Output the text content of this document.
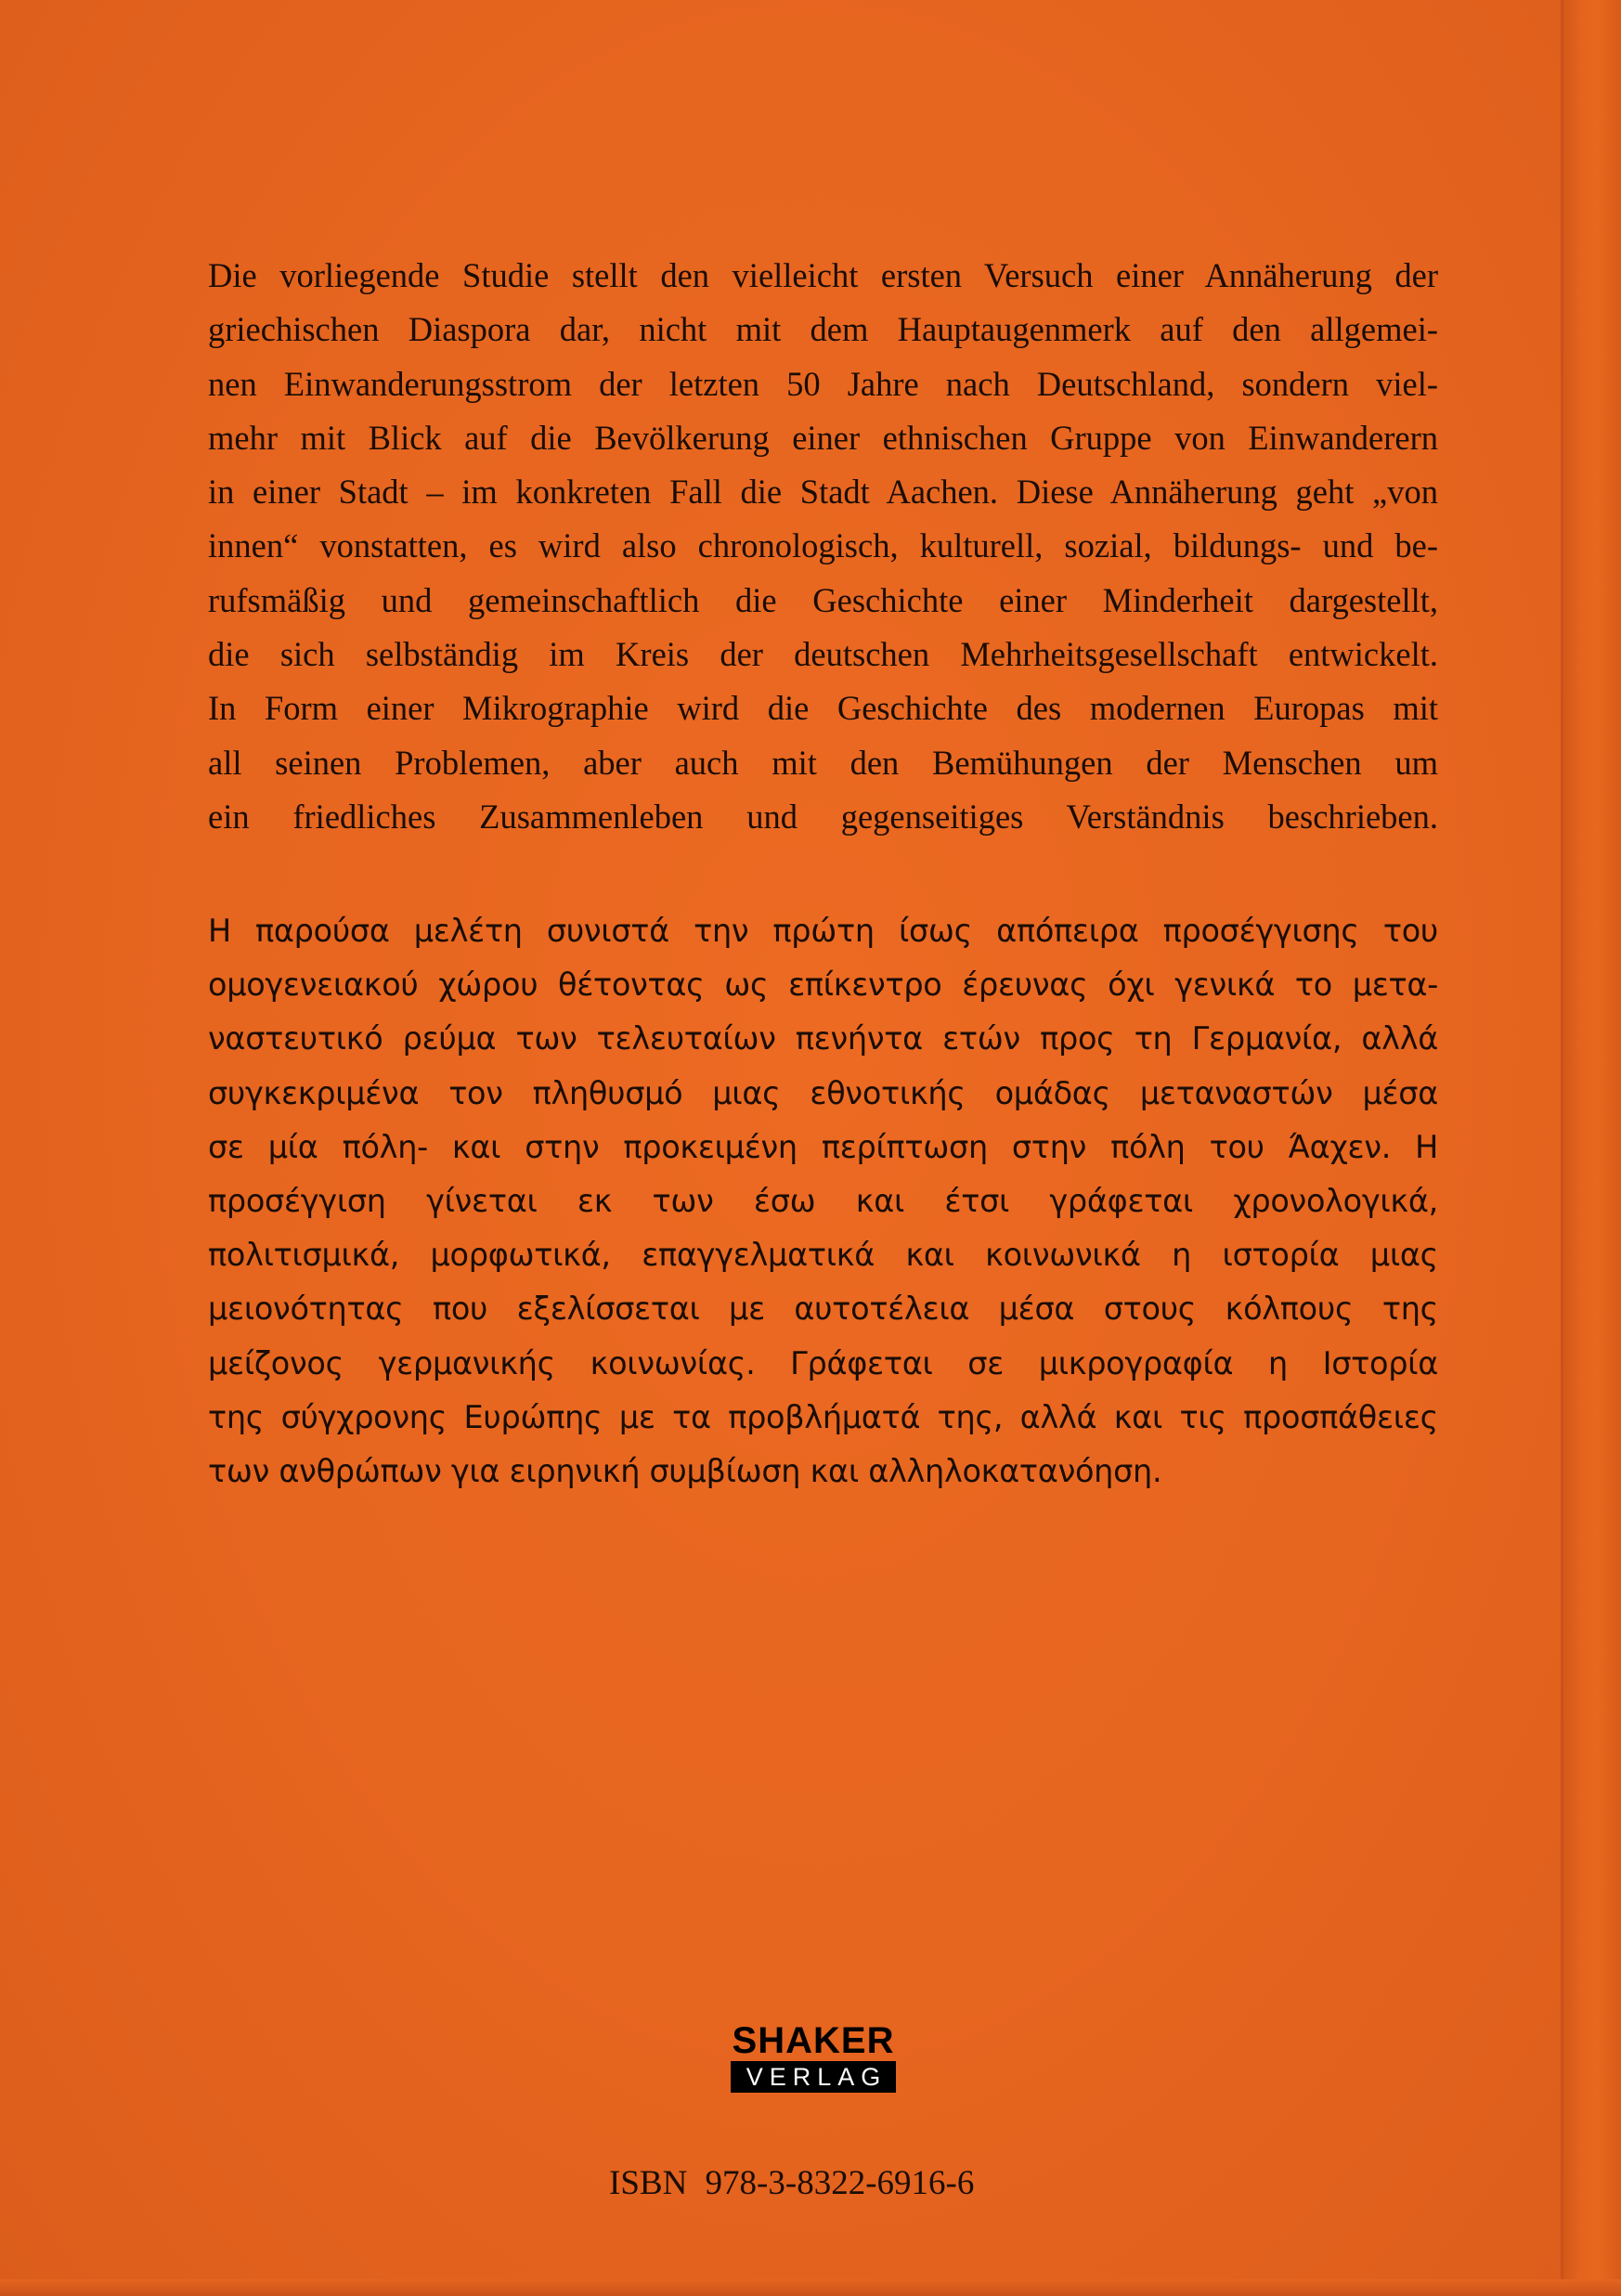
Die vorliegende Studie stellt den vielleicht ersten Versuch einer Annäherung der
griechischen Diaspora dar, nicht mit dem Hauptaugenmerk auf den allgemei-
nen Einwanderungsstrom der letzten 50 Jahre nach Deutschland, sondern viel-
mehr mit Blick auf die Bevölkerung einer ethnischen Gruppe von Einwanderern
in einer Stadt – im konkreten Fall die Stadt Aachen. Diese Annäherung geht „von
innen“ vonstatten, es wird also chronologisch, kulturell, sozial, bildungs- und be-
rufsmäßig und gemeinschaftlich die Geschichte einer Minderheit dargestellt,
die sich selbständig im Kreis der deutschen Mehrheitsgesellschaft entwickelt.
In Form einer Mikrographie wird die Geschichte des modernen Europas mit
all seinen Problemen, aber auch mit den Bemühungen der Menschen um
ein friedliches Zusammenleben und gegenseitiges Verständnis beschrieben.
Η παρούσα μελέτη συνιστά την πρώτη ίσως απόπειρα προσέγγισης του
ομογενειακού χώρου θέτοντας ως επίκεντρο έρευνας όχι γενικά το μετα-
ναστευτικό ρεύμα των τελευταίων πενήντα ετών προς τη Γερμανία, αλλά
συγκεκριμένα τον πληθυσμό μιας εθνοτικής ομάδας μεταναστών μέσα
σε μία πόλη- και στην προκειμένη περίπτωση στην πόλη του Άαχεν. Η
προσέγγιση γίνεται εκ των έσω και έτσι γράφεται χρονολογικά,
πολιτισμικά, μορφωτικά, επαγγελματικά και κοινωνικά η ιστορία μιας
μειονότητας που εξελίσσεται με αυτοτέλεια μέσα στους κόλπους της
μείζονος γερμανικής κοινωνίας. Γράφεται σε μικρογραφία η Ιστορία
της σύγχρονης Ευρώπης με τα προβλήματά της, αλλά και τις προσπάθειες
των ανθρώπων για ειρηνική συμβίωση και αλληλοκατανόηση.
SHAKER
VERLAG
ISBN 978-3-8322-6916-6
